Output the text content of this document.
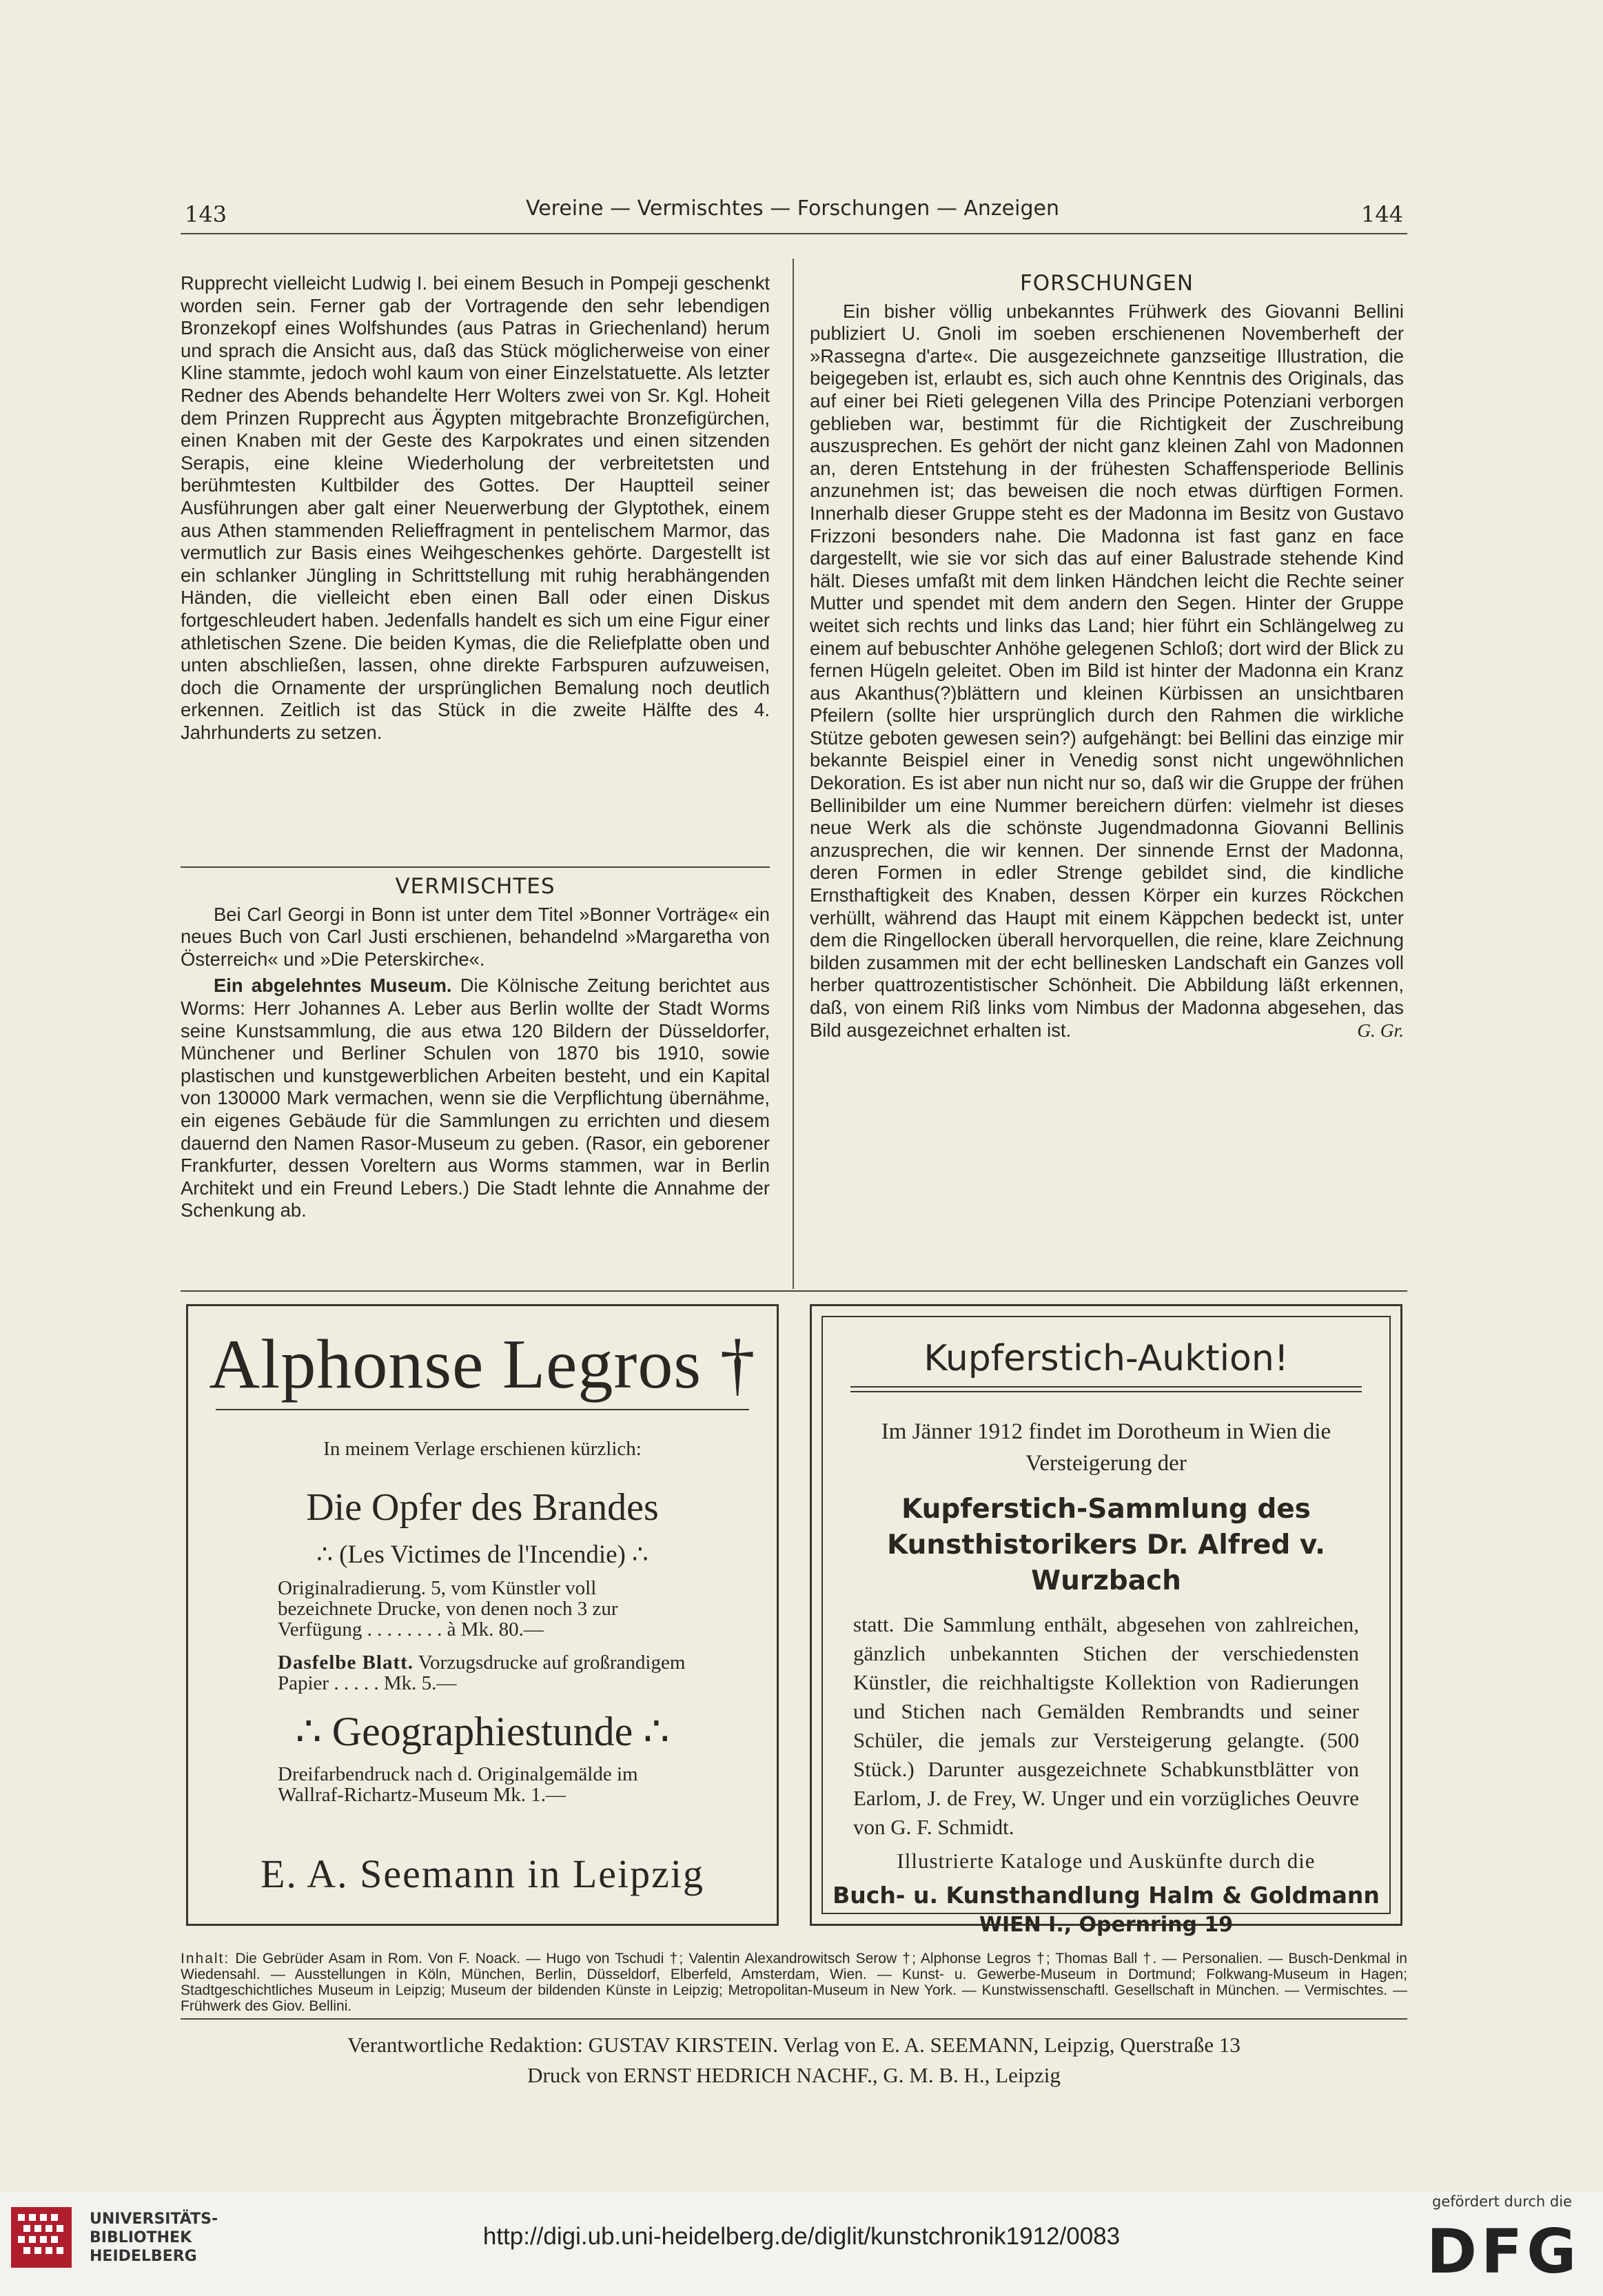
143	Vereine — Vermischtes — Forschungen — Anzeigen	144

Rupprecht vielleicht Ludwig I. bei einem Besuch in Pompeji geschenkt worden sein. Ferner gab der Vortragende den sehr lebendigen Bronzekopf eines Wolfshundes (aus Patras in Griechenland) herum und sprach die Ansicht aus, daß das Stück möglicherweise von einer Kline stammte, jedoch wohl kaum von einer Einzelstatuette. Als letzter Redner des Abends behandelte Herr Wolters zwei von Sr. Kgl. Hoheit dem Prinzen Rupprecht aus Ägypten mitgebrachte Bronzefigürchen, einen Knaben mit der Geste des Karpokrates und einen sitzenden Serapis, eine kleine Wiederholung der verbreitetsten und berühmtesten Kultbilder des Gottes. Der Hauptteil seiner Ausführungen aber galt einer Neuerwerbung der Glyptothek, einem aus Athen stammenden Relieffragment in pentelischem Marmor, das vermutlich zur Basis eines Weihgeschenkes gehörte. Dargestellt ist ein schlanker Jüngling in Schrittstellung mit ruhig herabhängenden Händen, die vielleicht eben einen Ball oder einen Diskus fortgeschleudert haben. Jedenfalls handelt es sich um eine Figur einer athletischen Szene. Die beiden Kymas, die die Reliefplatte oben und unten abschließen, lassen, ohne direkte Farbspuren aufzuweisen, doch die Ornamente der ursprünglichen Bemalung noch deutlich erkennen. Zeitlich ist das Stück in die zweite Hälfte des 4. Jahrhunderts zu setzen.

VERMISCHTES

Bei Carl Georgi in Bonn ist unter dem Titel »Bonner Vorträge« ein neues Buch von Carl Justi erschienen, behandelnd »Margaretha von Österreich« und »Die Peterskirche«.

Ein abgelehntes Museum. Die Kölnische Zeitung berichtet aus Worms: Herr Johannes A. Leber aus Berlin wollte der Stadt Worms seine Kunstsammlung, die aus etwa 120 Bildern der Düsseldorfer, Münchener und Berliner Schulen von 1870 bis 1910, sowie plastischen und kunstgewerblichen Arbeiten besteht, und ein Kapital von 130000 Mark vermachen, wenn sie die Verpflichtung übernähme, ein eigenes Gebäude für die Sammlungen zu errichten und diesem dauernd den Namen Rasor-Museum zu geben. (Rasor, ein geborener Frankfurter, dessen Voreltern aus Worms stammen, war in Berlin Architekt und ein Freund Lebers.) Die Stadt lehnte die Annahme der Schenkung ab.

FORSCHUNGEN

Ein bisher völlig unbekanntes Frühwerk des Giovanni Bellini publiziert U. Gnoli im soeben erschienenen Novemberheft der »Rassegna d'arte«. Die ausgezeichnete ganzseitige Illustration, die beigegeben ist, erlaubt es, sich auch ohne Kenntnis des Originals, das auf einer bei Rieti gelegenen Villa des Principe Potenziani verborgen geblieben war, bestimmt für die Richtigkeit der Zuschreibung auszusprechen. Es gehört der nicht ganz kleinen Zahl von Madonnen an, deren Entstehung in der frühesten Schaffensperiode Bellinis anzunehmen ist; das beweisen die noch etwas dürftigen Formen. Innerhalb dieser Gruppe steht es der Madonna im Besitz von Gustavo Frizzoni besonders nahe. Die Madonna ist fast ganz en face dargestellt, wie sie vor sich das auf einer Balustrade stehende Kind hält. Dieses umfaßt mit dem linken Händchen leicht die Rechte seiner Mutter und spendet mit dem andern den Segen. Hinter der Gruppe weitet sich rechts und links das Land; hier führt ein Schlängelweg zu einem auf bebuschter Anhöhe gelegenen Schloß; dort wird der Blick zu fernen Hügeln geleitet. Oben im Bild ist hinter der Madonna ein Kranz aus Akanthus(?)blättern und kleinen Kürbissen an unsichtbaren Pfeilern (sollte hier ursprünglich durch den Rahmen die wirkliche Stütze geboten gewesen sein?) aufgehängt: bei Bellini das einzige mir bekannte Beispiel einer in Venedig sonst nicht ungewöhnlichen Dekoration. Es ist aber nun nicht nur so, daß wir die Gruppe der frühen Bellinibilder um eine Nummer bereichern dürfen: vielmehr ist dieses neue Werk als die schönste Jugendmadonna Giovanni Bellinis anzusprechen, die wir kennen. Der sinnende Ernst der Madonna, deren Formen in edler Strenge gebildet sind, die kindliche Ernsthaftigkeit des Knaben, dessen Körper ein kurzes Röckchen verhüllt, während das Haupt mit einem Käppchen bedeckt ist, unter dem die Ringellocken überall hervorquellen, die reine, klare Zeichnung bilden zusammen mit der echt bellinesken Landschaft ein Ganzes voll herber quattrozentistischer Schönheit. Die Abbildung läßt erkennen, daß, von einem Riß links vom Nimbus der Madonna abgesehen, das Bild ausgezeichnet erhalten ist.	G. Gr.

Alphonse Legros †
In meinem Verlage erschienen kürzlich:
Die Opfer des Brandes
∴ (Les Victimes de l'Incendie) ∴
Originalradierung. 5, vom Künstler voll bezeichnete Drucke, von denen noch 3 zur Verfügung . . . . . . . . à Mk. 80.—
Dasfelbe Blatt. Vorzugsdrucke auf großrandigem Papier . . . . . Mk. 5.—
∴ Geographiestunde ∴
Dreifarbendruck nach d. Originalgemälde im Wallraf-Richartz-Museum Mk. 1.—
E. A. Seemann in Leipzig
Kupferstich-Auktion!
Im Jänner 1912 findet im Dorotheum in Wien die Versteigerung der
Kupferstich-Sammlung des Kunsthistorikers Dr. Alfred v. Wurzbach
statt. Die Sammlung enthält, abgesehen von zahlreichen, gänzlich unbekannten Stichen der verschiedensten Künstler, die reichhaltigste Kollektion von Radierungen und Stichen nach Gemälden Rembrandts und seiner Schüler, die jemals zur Versteigerung gelangte. (500 Stück.) Darunter ausgezeichnete Schabkunstblätter von Earlom, J. de Frey, W. Unger und ein vorzügliches Oeuvre von G. F. Schmidt.
Illustrierte Kataloge und Auskünfte durch die
Buch- u. Kunsthandlung Halm & Goldmann
WIEN I., Opernring 19
Inhalt: Die Gebrüder Asam in Rom. Von F. Noack. — Hugo von Tschudi †; Valentin Alexandrowitsch Serow †; Alphonse Legros †; Thomas Ball †. — Personalien. — Busch-Denkmal in Wiedensahl. — Ausstellungen in Köln, München, Berlin, Düsseldorf, Elberfeld, Amsterdam, Wien. — Kunst- u. Gewerbe-Museum in Dortmund; Folkwang-Museum in Hagen; Stadtgeschichtliches Museum in Leipzig; Museum der bildenden Künste in Leipzig; Metropolitan-Museum in New York. — Kunstwissenschaftl. Gesellschaft in München. — Vermischtes. — Frühwerk des Giov. Bellini.
Verantwortliche Redaktion: GUSTAV KIRSTEIN. Verlag von E. A. SEEMANN, Leipzig, Querstraße 13
Druck von ERNST HEDRICH NACHF., G. M. B. H., Leipzig
UNIVERSITÄTS-
BIBLIOTHEK
HEIDELBERG
http://digi.ub.uni-heidelberg.de/diglit/kunstchronik1912/0083
gefördert durch die
DFG
